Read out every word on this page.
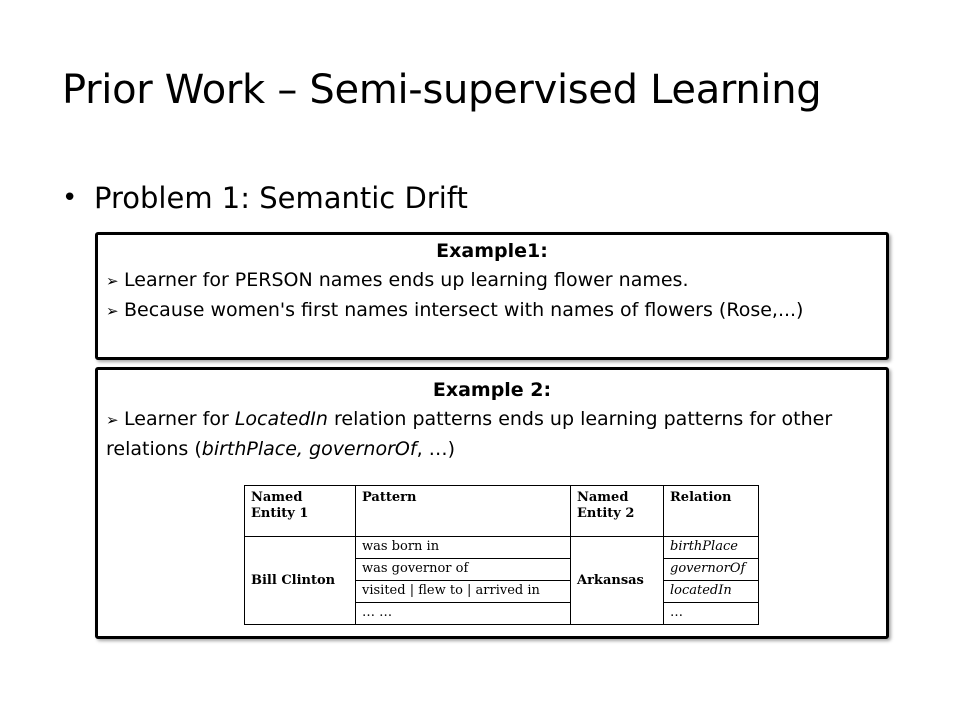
Prior Work – Semi-supervised Learning
• Problem 1: Semantic Drift
Example1:
➢ Learner for PERSON names ends up learning flower names.
➢ Because women's first names intersect with names of flowers (Rose,...)
Example 2:
➢ Learner for LocatedIn relation patterns ends up learning patterns for other relations (birthPlace, governorOf, …)
Named Entity 1	Pattern	Named Entity 2	Relation
Bill Clinton	was born in	Arkansas	birthPlace
	was governor of		governorOf
	visited | flew to | arrived in		locatedIn
	… …		…
